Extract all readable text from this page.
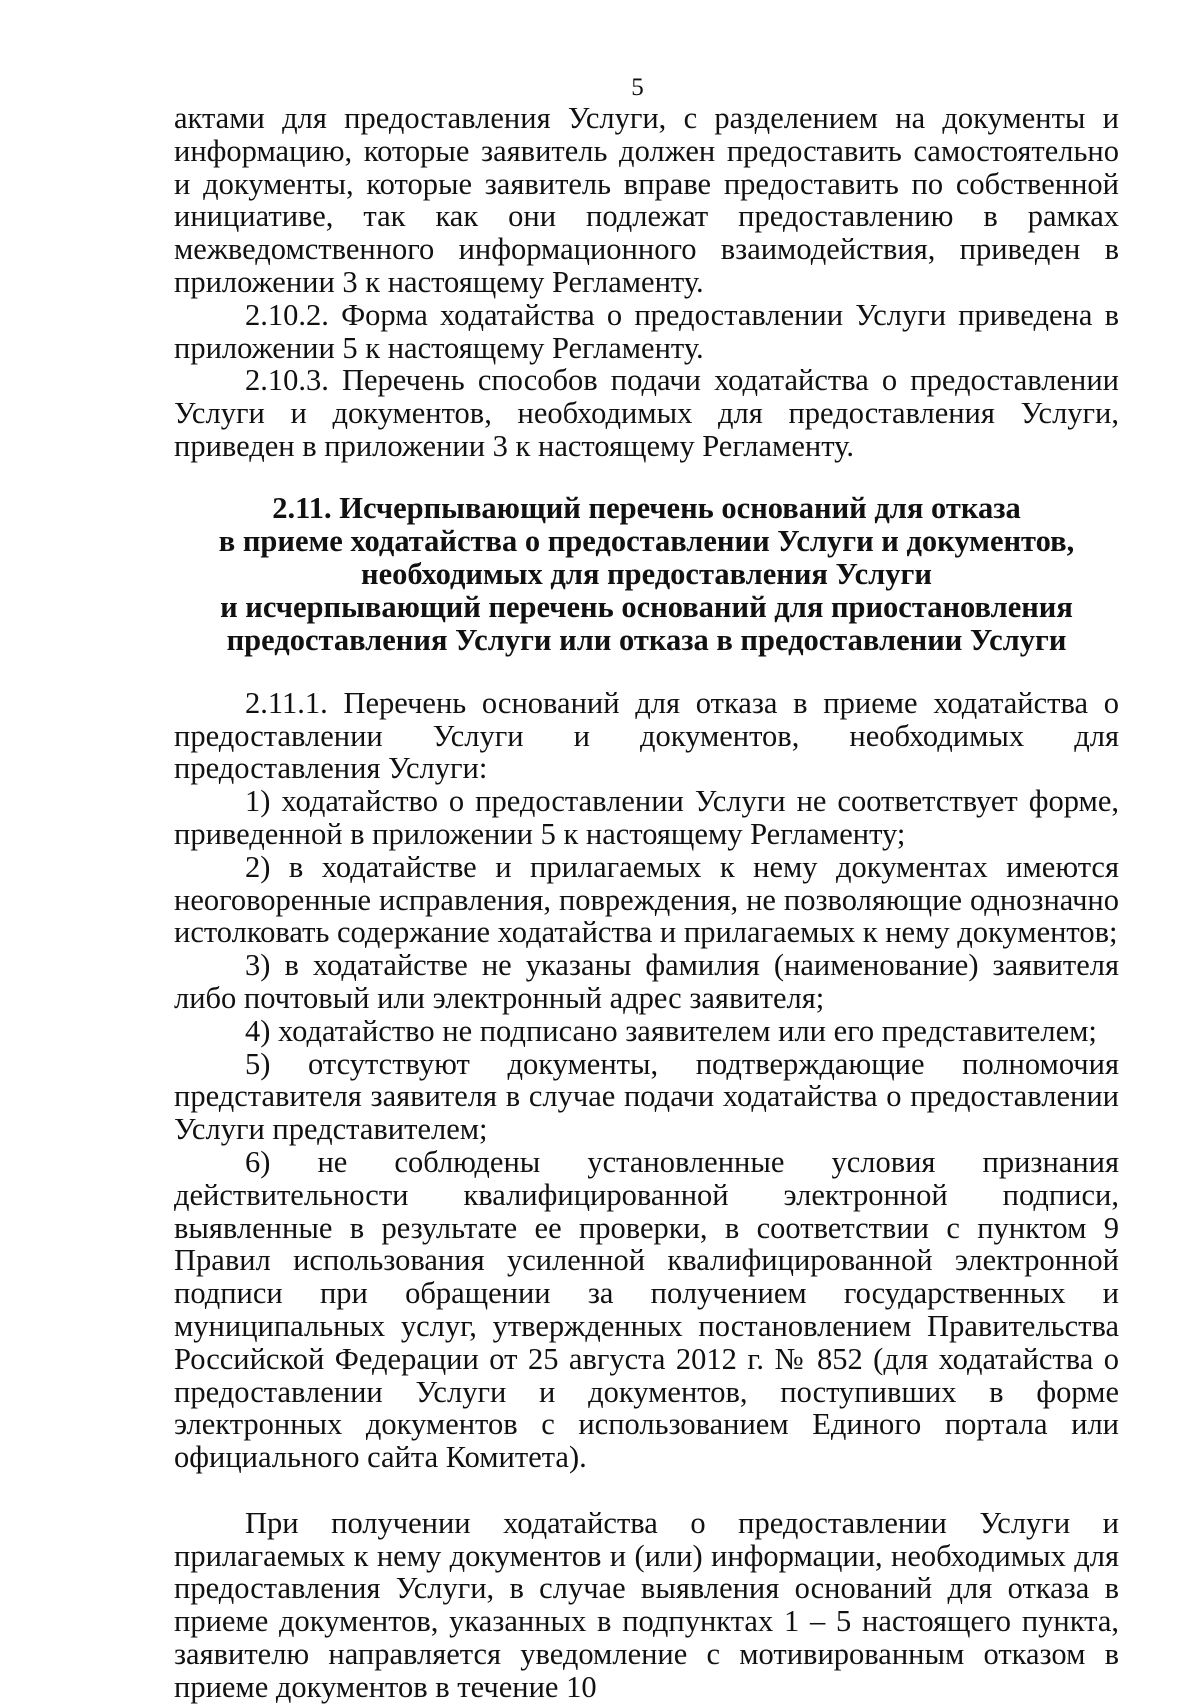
5

актами для предоставления Услуги, с разделением на документы и информацию, которые заявитель должен предоставить самостоятельно и документы, которые заявитель вправе предоставить по собственной инициативе, так как они подлежат предоставлению в рамках межведомственного информационного взаимодействия, приведен в приложении 3 к настоящему Регламенту.

2.10.2. Форма ходатайства о предоставлении Услуги приведена в приложении 5 к настоящему Регламенту.

2.10.3. Перечень способов подачи ходатайства о предоставлении Услуги и документов, необходимых для предоставления Услуги, приведен в приложении 3 к настоящему Регламенту.

2.11. Исчерпывающий перечень оснований для отказа
в приеме ходатайства о предоставлении Услуги и документов,
необходимых для предоставления Услуги
и исчерпывающий перечень оснований для приостановления
предоставления Услуги или отказа в предоставлении Услуги

2.11.1. Перечень оснований для отказа в приеме ходатайства о предоставлении Услуги и документов, необходимых для предоставления Услуги:

1) ходатайство о предоставлении Услуги не соответствует форме, приведенной в приложении 5 к настоящему Регламенту;

2) в ходатайстве и прилагаемых к нему документах имеются неоговоренные исправления, повреждения, не позволяющие однозначно истолковать содержание ходатайства и прилагаемых к нему документов;

3) в ходатайстве не указаны фамилия (наименование) заявителя либо почтовый или электронный адрес заявителя;

4) ходатайство не подписано заявителем или его представителем;

5) отсутствуют документы, подтверждающие полномочия представителя заявителя в случае подачи ходатайства о предоставлении Услуги представителем;

6) не соблюдены установленные условия признания действительности квалифицированной электронной подписи, выявленные в результате ее проверки, в соответствии с пунктом 9 Правил использования усиленной квалифицированной электронной подписи при обращении за получением государственных и муниципальных услуг, утвержденных постановлением Правительства Российской Федерации от 25 августа 2012 г. № 852 (для ходатайства о предоставлении Услуги и документов, поступивших в форме электронных документов с использованием Единого портала или официального сайта Комитета).

При получении ходатайства о предоставлении Услуги и прилагаемых к нему документов и (или) информации, необходимых для предоставления Услуги, в случае выявления оснований для отказа в приеме документов, указанных в подпунктах 1 – 5 настоящего пункта, заявителю направляется уведомление с мотивированным отказом в приеме документов в течение 10
